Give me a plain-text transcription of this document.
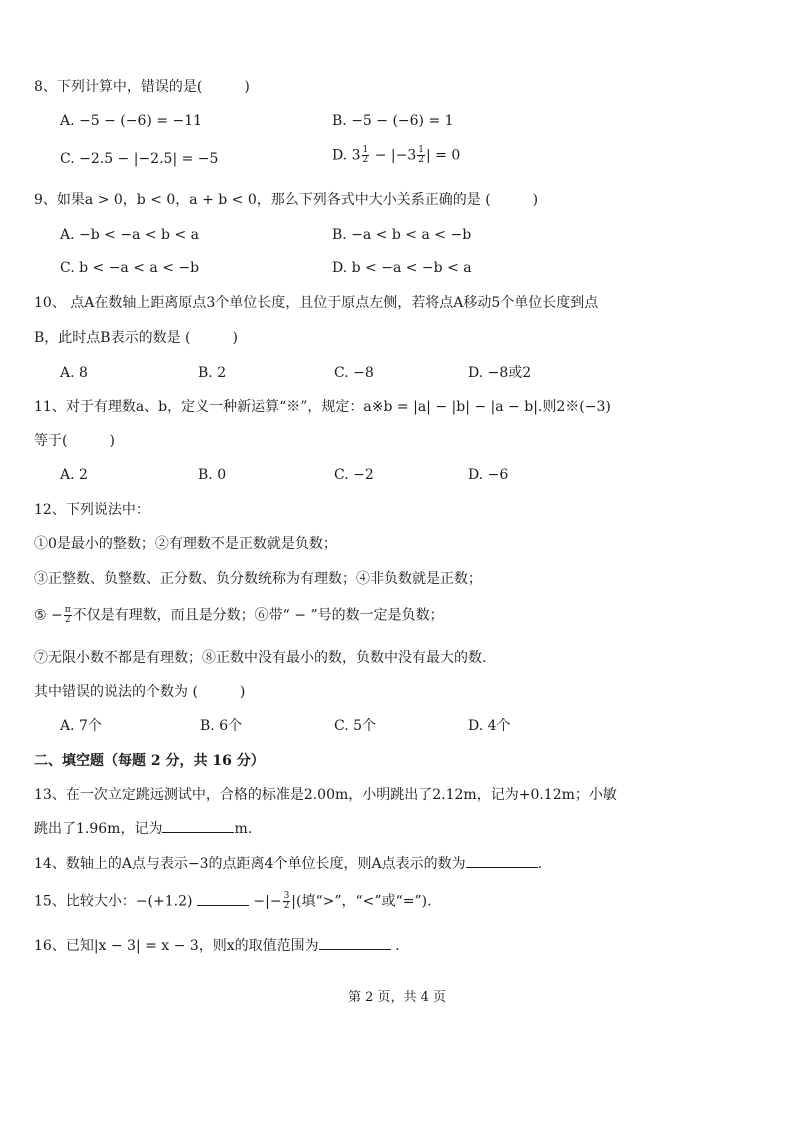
8、下列计算中，错误的是(　　　)
A. −5 − (−6) = −11	B. −5 − (−6) = 1
C. −2.5 − |−2.5| = −5	D. $3 \frac{1}{2} - |-3 \frac{1}{2}$ | = 0
9、如果a > 0，b < 0，a + b < 0，那么下列各式中大小关系正确的是 (　　　)
A. −b < −a < b < a	B. −a < b < a < −b
C. b < −a < a < −b	D. b < −a < −b < a
10、 点A在数轴上距离原点3个单位长度，且位于原点左侧，若将点A移动5个单位长度到点
B，此时点B表示的数是 (　　　)
A. 8	B. 2	C. −8	D. −8或2
11、对于有理数a、b，定义一种新运算“※”，规定：a※b = |a| − |b| − |a − b|.则2※(−3)
等于(　　　)
A. 2	B. 0	C. −2	D. −6
12、下列说法中：
①0是最小的整数；②有理数不是正数就是负数；
③正整数、负整数、正分数、负分数统称为有理数；④非负数就是正数；
⑤ − $\frac{\pi}{2}$ 不仅是有理数，而且是分数；⑥带“ − ”号的数一定是负数；
⑦无限小数不都是有理数；⑧正数中没有最小的数，负数中没有最大的数.
其中错误的说法的个数为 (　　　)
A. 7个	B. 6个	C. 5个	D. 4个
二、填空题（每题 2 分，共 16 分）
13、在一次立定跳远测试中，合格的标准是2.00m，小明跳出了2.12m，记为+0.12m；小敏
跳出了1.96m，记为	m.
14、数轴上的A点与表示−3的点距离4个单位长度，则A点表示的数为	.
15、比较大小：−(+1.2)	−|− $\frac{3}{2}$ |(填“>”，“<”或“=”).
16、已知|x − 3| = x − 3，则x的取值范围为	.
第 2 页，共 4 页
